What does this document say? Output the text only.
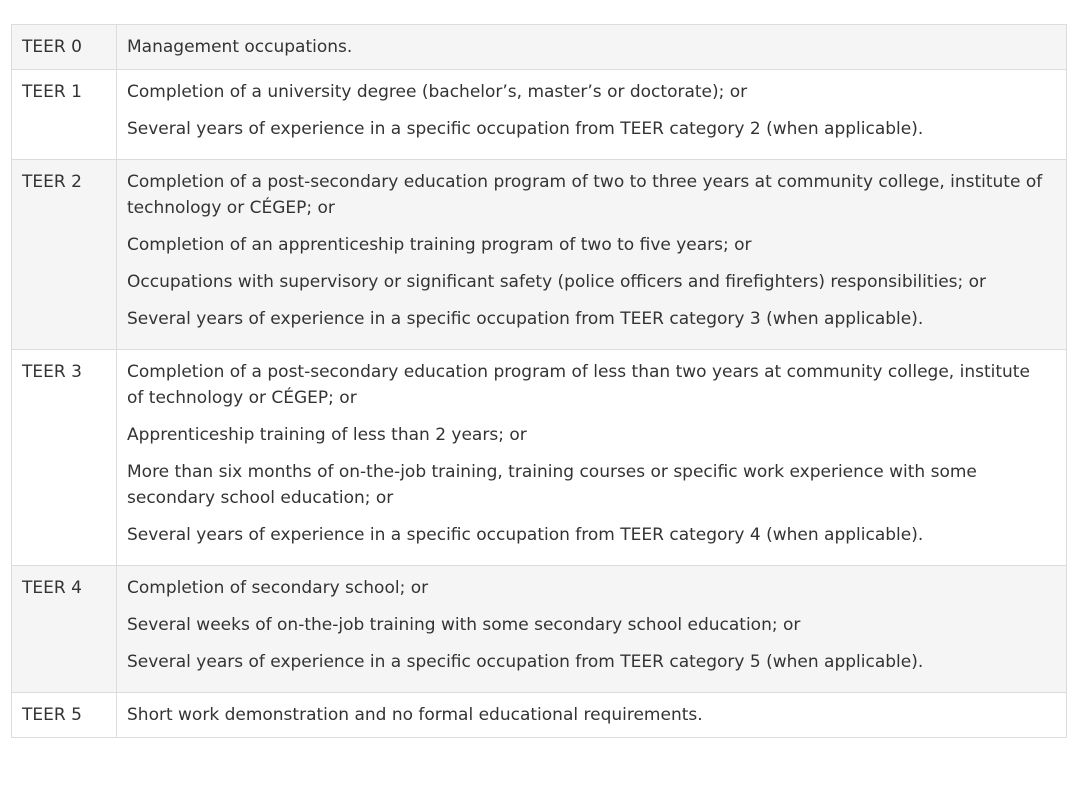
TEER 0	Management occupations.

TEER 1	Completion of a university degree (bachelor’s, master’s or doctorate); or
Several years of experience in a specific occupation from TEER category 2 (when applicable).

TEER 2	Completion of a post-secondary education program of two to three years at community college, institute of technology or CÉGEP; or
Completion of an apprenticeship training program of two to five years; or
Occupations with supervisory or significant safety (police officers and firefighters) responsibilities; or
Several years of experience in a specific occupation from TEER category 3 (when applicable).

TEER 3	Completion of a post-secondary education program of less than two years at community college, institute of technology or CÉGEP; or
Apprenticeship training of less than 2 years; or
More than six months of on-the-job training, training courses or specific work experience with some secondary school education; or
Several years of experience in a specific occupation from TEER category 4 (when applicable).

TEER 4	Completion of secondary school; or
Several weeks of on-the-job training with some secondary school education; or
Several years of experience in a specific occupation from TEER category 5 (when applicable).

TEER 5	Short work demonstration and no formal educational requirements.
